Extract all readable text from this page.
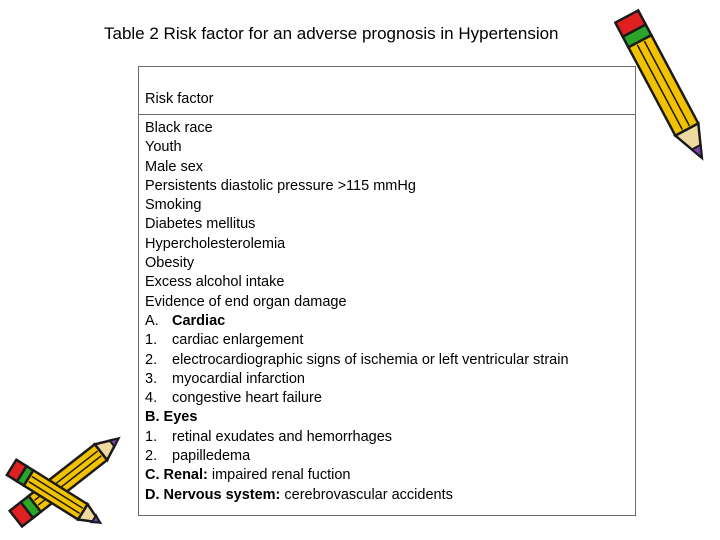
Table 2 Risk factor for an adverse prognosis in Hypertension
Risk factor
Black race
Youth
Male sex
Persistents diastolic pressure >115 mmHg
Smoking
Diabetes mellitus
Hypercholesterolemia
Obesity
Excess alcohol intake
Evidence of end organ damage
A. Cardiac
1. cardiac enlargement
2. electrocardiographic signs of ischemia or left ventricular strain
3. myocardial infarction
4. congestive heart failure
B. Eyes
1. retinal exudates and hemorrhages
2. papilledema
C. Renal: impaired renal fuction
D. Nervous system: cerebrovascular accidents
